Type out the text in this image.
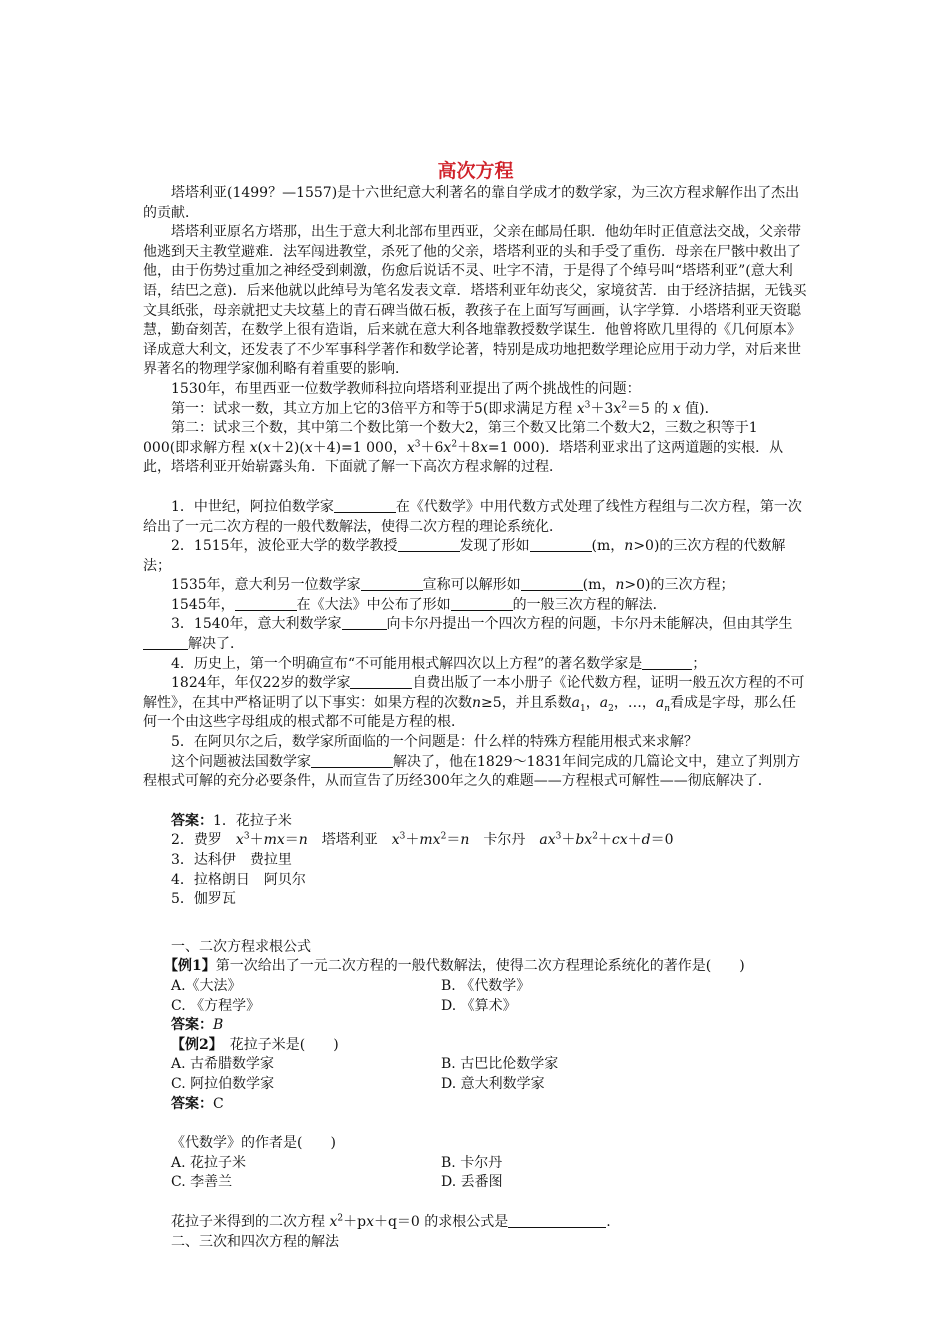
高次方程

塔塔利亚(1499？—1557)是十六世纪意大利著名的靠自学成才的数学家，为三次方程求解作出了杰出的贡献．

塔塔利亚原名方塔那，出生于意大利北部布里西亚，父亲在邮局任职．他幼年时正值意法交战，父亲带他逃到天主教堂避难．法军闯进教堂，杀死了他的父亲，塔塔利亚的头和手受了重伤．母亲在尸骸中救出了他，由于伤势过重加之神经受到刺激，伤愈后说话不灵、吐字不清，于是得了个绰号叫“塔塔利亚”(意大利语，结巴之意)．后来他就以此绰号为笔名发表文章．塔塔利亚年幼丧父，家境贫苦．由于经济拮据，无钱买文具纸张，母亲就把丈夫坟墓上的青石碑当做石板，教孩子在上面写写画画，认字学算．小塔塔利亚天资聪慧，勤奋刻苦，在数学上很有造诣，后来就在意大利各地靠教授数学谋生．他曾将欧几里得的《几何原本》译成意大利文，还发表了不少军事科学著作和数学论著，特别是成功地把数学理论应用于动力学，对后来世界著名的物理学家伽利略有着重要的影响．

1530年，布里西亚一位数学教师科拉向塔塔利亚提出了两个挑战性的问题：

第一：试求一数，其立方加上它的3倍平方和等于5(即求满足方程 $x^3+3x^2=5$ 的 x 值)．

第二：试求三个数，其中第二个数比第一个数大2，第三个数又比第二个数大2，三数之积等于1 000(即求解方程 x(x＋2)(x＋4)=1 000，$x^3+6x^2+8x=1$ 000)．塔塔利亚求出了这两道题的实根．从此，塔塔利亚开始崭露头角．下面就了解一下高次方程求解的过程．

1．中世纪，阿拉伯数学家	在《代数学》中用代数方式处理了线性方程组与二次方程，第一次给出了一元二次方程的一般代数解法，使得二次方程的理论系统化．

2．1515年，波伦亚大学的数学教授	发现了形如	(m，n>0)的三次方程的代数解法；

1535年，意大利另一位数学家	宣称可以解形如	(m，n>0)的三次方程；

1545年，	在《大法》中公布了形如	的一般三次方程的解法．

3．1540年，意大利数学家	向卡尔丹提出一个四次方程的问题，卡尔丹未能解决，但由其学生解决了．

4．历史上，第一个明确宣布“不可能用根式解四次以上方程”的著名数学家是	；

1824年，年仅22岁的数学家	自费出版了一本小册子《论代数方程，证明一般五次方程的不可解性》，在其中严格证明了以下事实：如果方程的次数n≥5，并且系数$a_1$，$a_2$，…，$a_n$看成是字母，那么任何一个由这些字母组成的根式都不可能是方程的根．

5．在阿贝尔之后，数学家所面临的一个问题是：什么样的特殊方程能用根式来求解？

这个问题被法国数学家	解决了，他在1829～1831年间完成的几篇论文中，建立了判別方程根式可解的充分必要条件，从而宣告了历经300年之久的难题——方程根式可解性——彻底解决了．

答案：1．花拉子米

2．费罗　 $x^3+mx=n$　 塔塔利亚　 $x^3+mx^2=n$　 卡尔丹　 $ax^3+bx^2+cx+d=0$

3．达科伊　费拉里

4．拉格朗日　阿贝尔

5．伽罗瓦

一、二次方程求根公式

【例1】第一次给出了一元二次方程的一般代数解法，使得二次方程理论系统化的著作是(　　)

A.《大法》	B. 《代数学》
C. 《方程学》	D. 《算术》

答案：B

【例2】　 花拉子米是(　　)

A. 古希腊数学家	B. 古巴比伦数学家
C. 阿拉伯数学家	D. 意大利数学家

答案：C

《代数学》的作者是(　　)

A. 花拉子米	B. 卡尔丹
C. 李善兰	D. 丢番图

花拉子米得到的二次方程 $x^2+px+q=0$ 的求根公式是	.

二、三次和四次方程的解法
